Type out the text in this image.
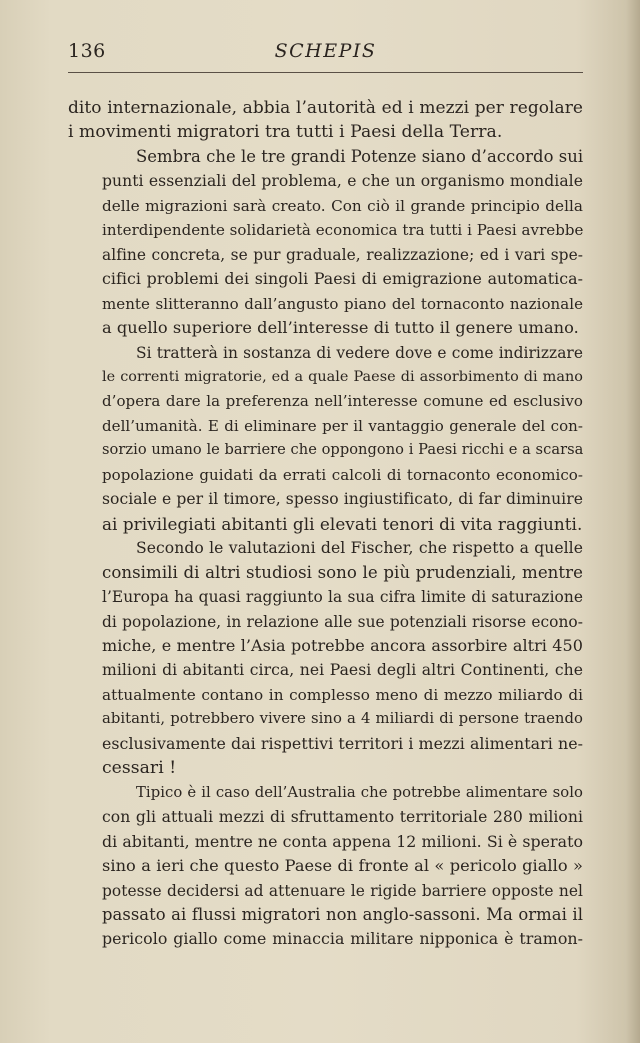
136	SCHEPIS

dito internazionale, abbia l’autorità ed i mezzi per regolare
i movimenti migratori tra tutti i Paesi della Terra.

Sembra che le tre grandi Potenze siano d’accordo sui
punti essenziali del problema, e che un organismo mondiale
delle migrazioni sarà creato. Con ciò il grande principio della
interdipendente solidarietà economica tra tutti i Paesi avrebbe
alfine concreta, se pur graduale, realizzazione; ed i vari spe-
cifici problemi dei singoli Paesi di emigrazione automatica-
mente slitteranno dall’angusto piano del tornaconto nazionale
a quello superiore dell’interesse di tutto il genere umano.

Si tratterà in sostanza di vedere dove e come indirizzare
le correnti migratorie, ed a quale Paese di assorbimento di mano
d’opera dare la preferenza nell’interesse comune ed esclusivo
dell’umanità. E di eliminare per il vantaggio generale del con-
sorzio umano le barriere che oppongono i Paesi ricchi e a scarsa
popolazione guidati da errati calcoli di tornaconto economico-
sociale e per il timore, spesso ingiustificato, di far diminuire
ai privilegiati abitanti gli elevati tenori di vita raggiunti.

Secondo le valutazioni del Fischer, che rispetto a quelle
consimili di altri studiosi sono le più prudenziali, mentre
l’Europa ha quasi raggiunto la sua cifra limite di saturazione
di popolazione, in relazione alle sue potenziali risorse econo-
miche, e mentre l’Asia potrebbe ancora assorbire altri 450
milioni di abitanti circa, nei Paesi degli altri Continenti, che
attualmente contano in complesso meno di mezzo miliardo di
abitanti, potrebbero vivere sino a 4 miliardi di persone traendo
esclusivamente dai rispettivi territori i mezzi alimentari ne-
cessari !

Tipico è il caso dell’Australia che potrebbe alimentare solo
con gli attuali mezzi di sfruttamento territoriale 280 milioni
di abitanti, mentre ne conta appena 12 milioni. Si è sperato
sino a ieri che questo Paese di fronte al « pericolo giallo »
potesse decidersi ad attenuare le rigide barriere opposte nel
passato ai flussi migratori non anglo-sassoni. Ma ormai il
pericolo giallo come minaccia militare nipponica è tramon-
